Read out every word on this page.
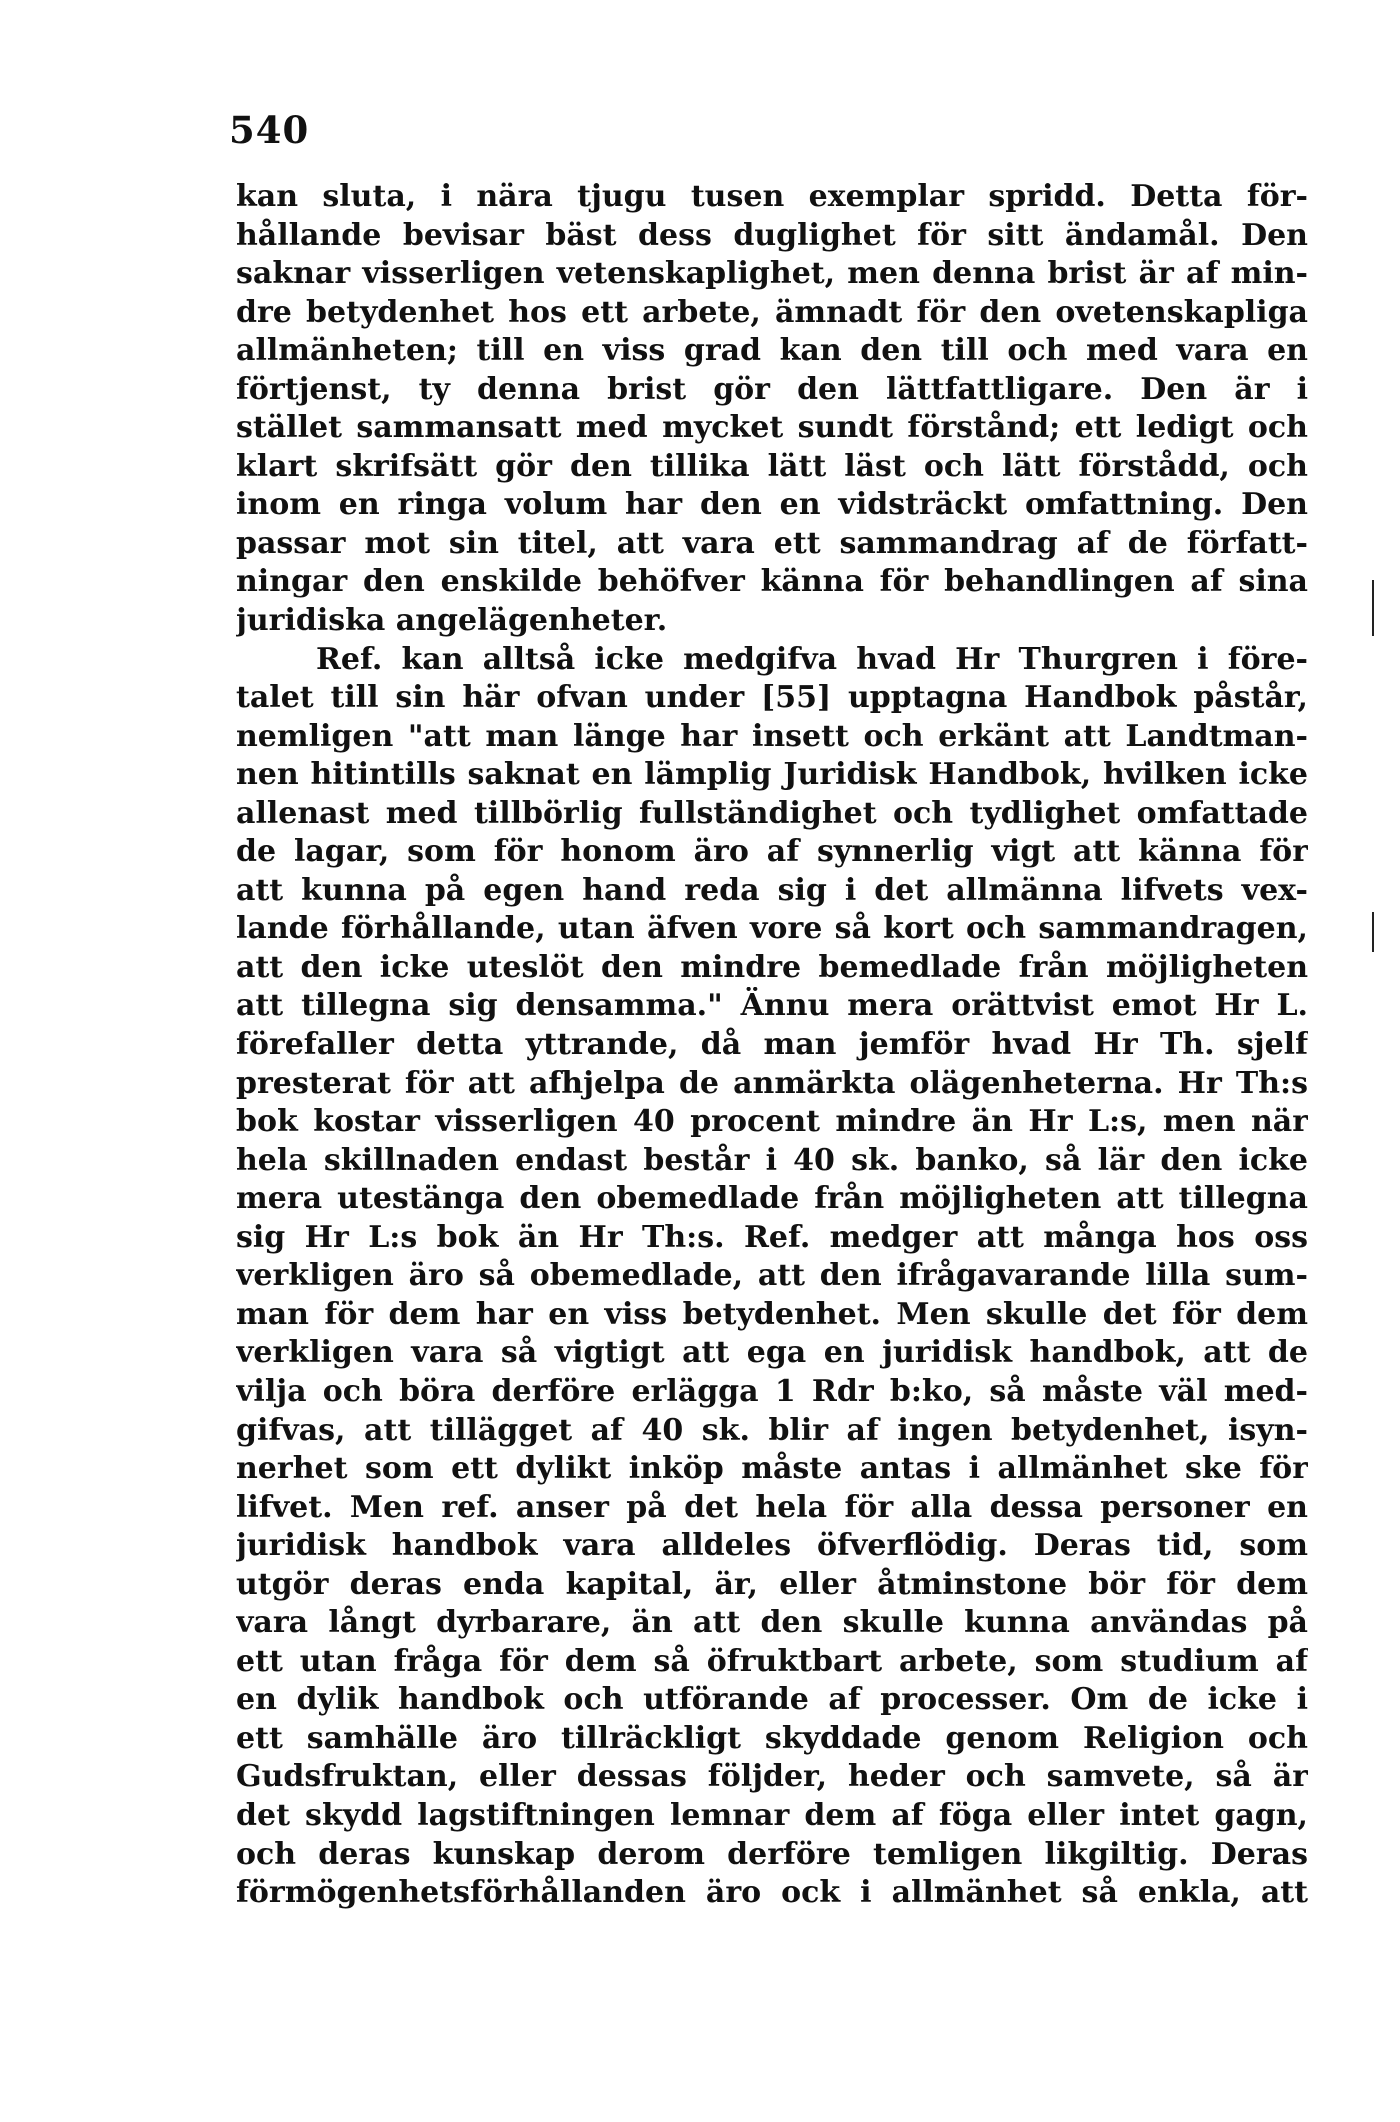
540
kan sluta, i nära tjugu tusen exemplar spridd. Detta för-
hållande bevisar bäst dess duglighet för sitt ändamål. Den
saknar visserligen vetenskaplighet, men denna brist är af min-
dre betydenhet hos ett arbete, ämnadt för den ovetenskapliga
allmänheten; till en viss grad kan den till och med vara en
förtjenst, ty denna brist gör den lättfattligare. Den är i
stället sammansatt med mycket sundt förstånd; ett ledigt och
klart skrifsätt gör den tillika lätt läst och lätt förstådd, och
inom en ringa volum har den en vidsträckt omfattning. Den
passar mot sin titel, att vara ett sammandrag af de författ-
ningar den enskilde behöfver känna för behandlingen af sina
juridiska angelägenheter.
Ref. kan alltså icke medgifva hvad Hr Thurgren i före-
talet till sin här ofvan under [55] upptagna Handbok påstår,
nemligen "att man länge har insett och erkänt att Landtman-
nen hitintills saknat en lämplig Juridisk Handbok, hvilken icke
allenast med tillbörlig fullständighet och tydlighet omfattade
de lagar, som för honom äro af synnerlig vigt att känna för
att kunna på egen hand reda sig i det allmänna lifvets vex-
lande förhållande, utan äfven vore så kort och sammandragen,
att den icke uteslöt den mindre bemedlade från möjligheten
att tillegna sig densamma." Ännu mera orättvist emot Hr L.
förefaller detta yttrande, då man jemför hvad Hr Th. sjelf
presterat för att afhjelpa de anmärkta olägenheterna. Hr Th:s
bok kostar visserligen 40 procent mindre än Hr L:s, men när
hela skillnaden endast består i 40 sk. banko, så lär den icke
mera utestänga den obemedlade från möjligheten att tillegna
sig Hr L:s bok än Hr Th:s. Ref. medger att många hos oss
verkligen äro så obemedlade, att den ifrågavarande lilla sum-
man för dem har en viss betydenhet. Men skulle det för dem
verkligen vara så vigtigt att ega en juridisk handbok, att de
vilja och böra derföre erlägga 1 Rdr b:ko, så måste väl med-
gifvas, att tillägget af 40 sk. blir af ingen betydenhet, isyn-
nerhet som ett dylikt inköp måste antas i allmänhet ske för
lifvet. Men ref. anser på det hela för alla dessa personer en
juridisk handbok vara alldeles öfverflödig. Deras tid, som
utgör deras enda kapital, är, eller åtminstone bör för dem
vara långt dyrbarare, än att den skulle kunna användas på
ett utan fråga för dem så öfruktbart arbete, som studium af
en dylik handbok och utförande af processer. Om de icke i
ett samhälle äro tillräckligt skyddade genom Religion och
Gudsfruktan, eller dessas följder, heder och samvete, så är
det skydd lagstiftningen lemnar dem af föga eller intet gagn,
och deras kunskap derom derföre temligen likgiltig. Deras
förmögenhetsförhållanden äro ock i allmänhet så enkla, att
